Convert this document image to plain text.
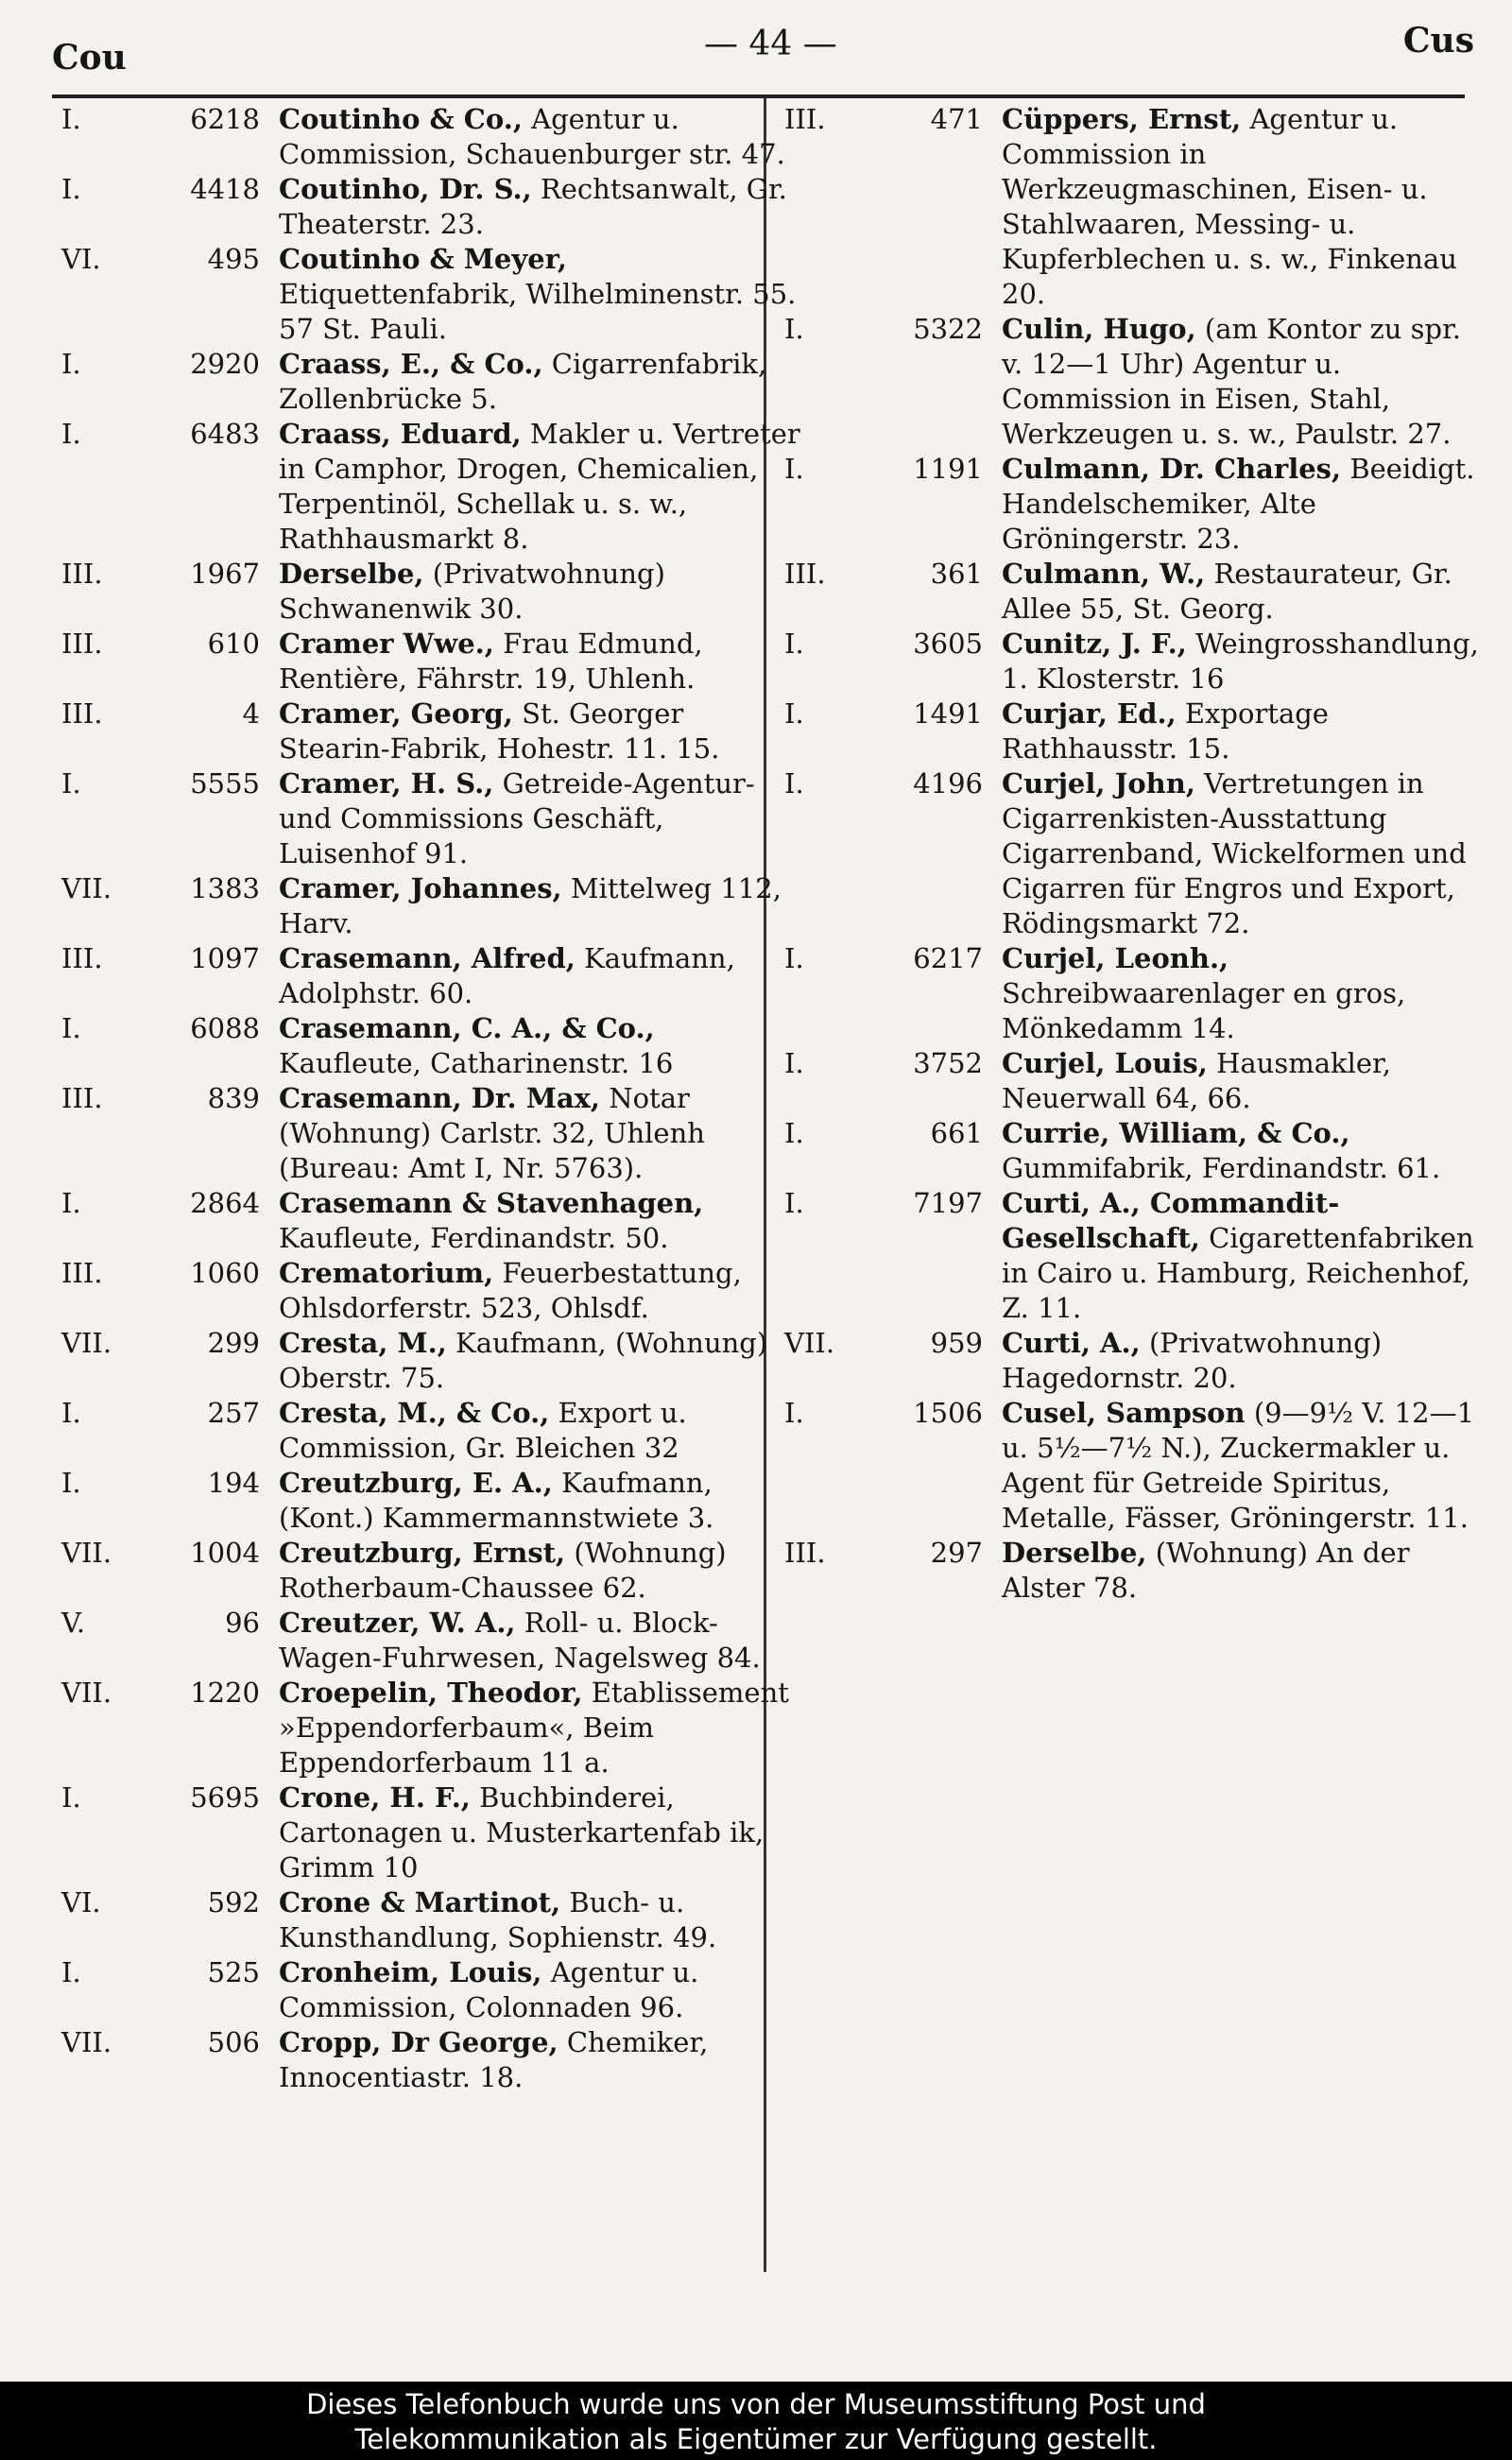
Cou	— 44 —	Cus
I.	6218 Coutinho & Co., Agentur u. Commission, Schauenburger str. 47.
I.	4418 Coutinho, Dr. S., Rechtsanwalt, Gr. Theaterstr. 23.
VI.	495 Coutinho & Meyer, Etiquettenfabrik, Wilhelminenstr. 55. 57 St. Pauli.
I.	2920 Craass, E., & Co., Cigarrenfabrik, Zollenbrücke 5.
I.	6483 Craass, Eduard, Makler u. Vertreter in Camphor, Drogen, Chemicalien, Terpentinöl, Schellak u. s. w., Rathhausmarkt 8.
III.	1967 Derselbe, (Privatwohnung) Schwanenwik 30.
III.	610 Cramer Wwe., Frau Edmund, Rentière, Fährstr. 19, Uhlenh.
III.	4 Cramer, Georg, St. Georger Stearin-Fabrik, Hohestr. 11. 15.
I.	5555 Cramer, H. S., Getreide-Agentur- und Commissions Geschäft, Luisenhof 91.
VII.	1383 Cramer, Johannes, Mittelweg 112, Harv.
III.	1097 Crasemann, Alfred, Kaufmann, Adolphstr. 60.
I.	6088 Crasemann, C. A., & Co., Kaufleute, Catharinenstr. 16
III.	839 Crasemann, Dr. Max, Notar (Wohnung) Carlstr. 32, Uhlenh (Bureau: Amt I, Nr. 5763).
I.	2864 Crasemann & Stavenhagen, Kaufleute, Ferdinandstr. 50.
III.	1060 Crematorium, Feuerbestattung, Ohlsdorferstr. 523, Ohlsdf.
VII.	299 Cresta, M., Kaufmann, (Wohnung) Oberstr. 75.
I.	257 Cresta, M., & Co., Export u. Commission, Gr. Bleichen 32
I.	194 Creutzburg, E. A., Kaufmann, (Kont.) Kammermannstwiete 3.
VII.	1004 Creutzburg, Ernst, (Wohnung) Rotherbaum-Chaussee 62.
V.	96 Creutzer, W. A., Roll- u. Block-Wagen-Fuhrwesen, Nagelsweg 84.
VII.	1220 Croepelin, Theodor, Etablissement »Eppendorferbaum«, Beim Eppendorferbaum 11 a.
I.	5695 Crone, H. F., Buchbinderei, Cartonagen u. Musterkartenfab ik, Grimm 10
VI.	592 Crone & Martinot, Buch- u. Kunsthandlung, Sophienstr. 49.
I.	525 Cronheim, Louis, Agentur u. Commission, Colonnaden 96.
VII.	506 Cropp, Dr George, Chemiker, Innocentiastr. 18.
III.	471 Cüppers, Ernst, Agentur u. Commission in Werkzeugmaschinen, Eisen- u. Stahlwaaren, Messing- u. Kupferblechen u. s. w., Finkenau 20.
I.	5322 Culin, Hugo, (am Kontor zu spr. v. 12—1 Uhr) Agentur u. Commission in Eisen, Stahl, Werkzeugen u. s. w., Paulstr. 27.
I.	1191 Culmann, Dr. Charles, Beeidigt. Handelschemiker, Alte Gröningerstr. 23.
III.	361 Culmann, W., Restaurateur, Gr. Allee 55, St. Georg.
I.	3605 Cunitz, J. F., Weingrosshandlung, 1. Klosterstr. 16
I.	1491 Curjar, Ed., Exportage Rathhausstr. 15.
I.	4196 Curjel, John, Vertretungen in Cigarrenkisten-Ausstattung Cigarrenband, Wickelformen und Cigarren für Engros und Export, Rödingsmarkt 72.
I.	6217 Curjel, Leonh., Schreibwaarenlager en gros, Mönkedamm 14.
I.	3752 Curjel, Louis, Hausmakler, Neuerwall 64, 66.
I.	661 Currie, William, & Co., Gummifabrik, Ferdinandstr. 61.
I.	7197 Curti, A., Commandit-Gesellschaft, Cigarettenfabriken in Cairo u. Hamburg, Reichenhof, Z. 11.
VII.	959 Curti, A., (Privatwohnung) Hagedornstr. 20.
I.	1506 Cusel, Sampson (9—9½ V. 12—1 u. 5½—7½ N.), Zuckermakler u. Agent für Getreide Spiritus, Metalle, Fässer, Gröningerstr. 11.
III.	297 Derselbe, (Wohnung) An der Alster 78.
Dieses Telefonbuch wurde uns von der Museumsstiftung Post und
Telekommunikation als Eigentümer zur Verfügung gestellt.
